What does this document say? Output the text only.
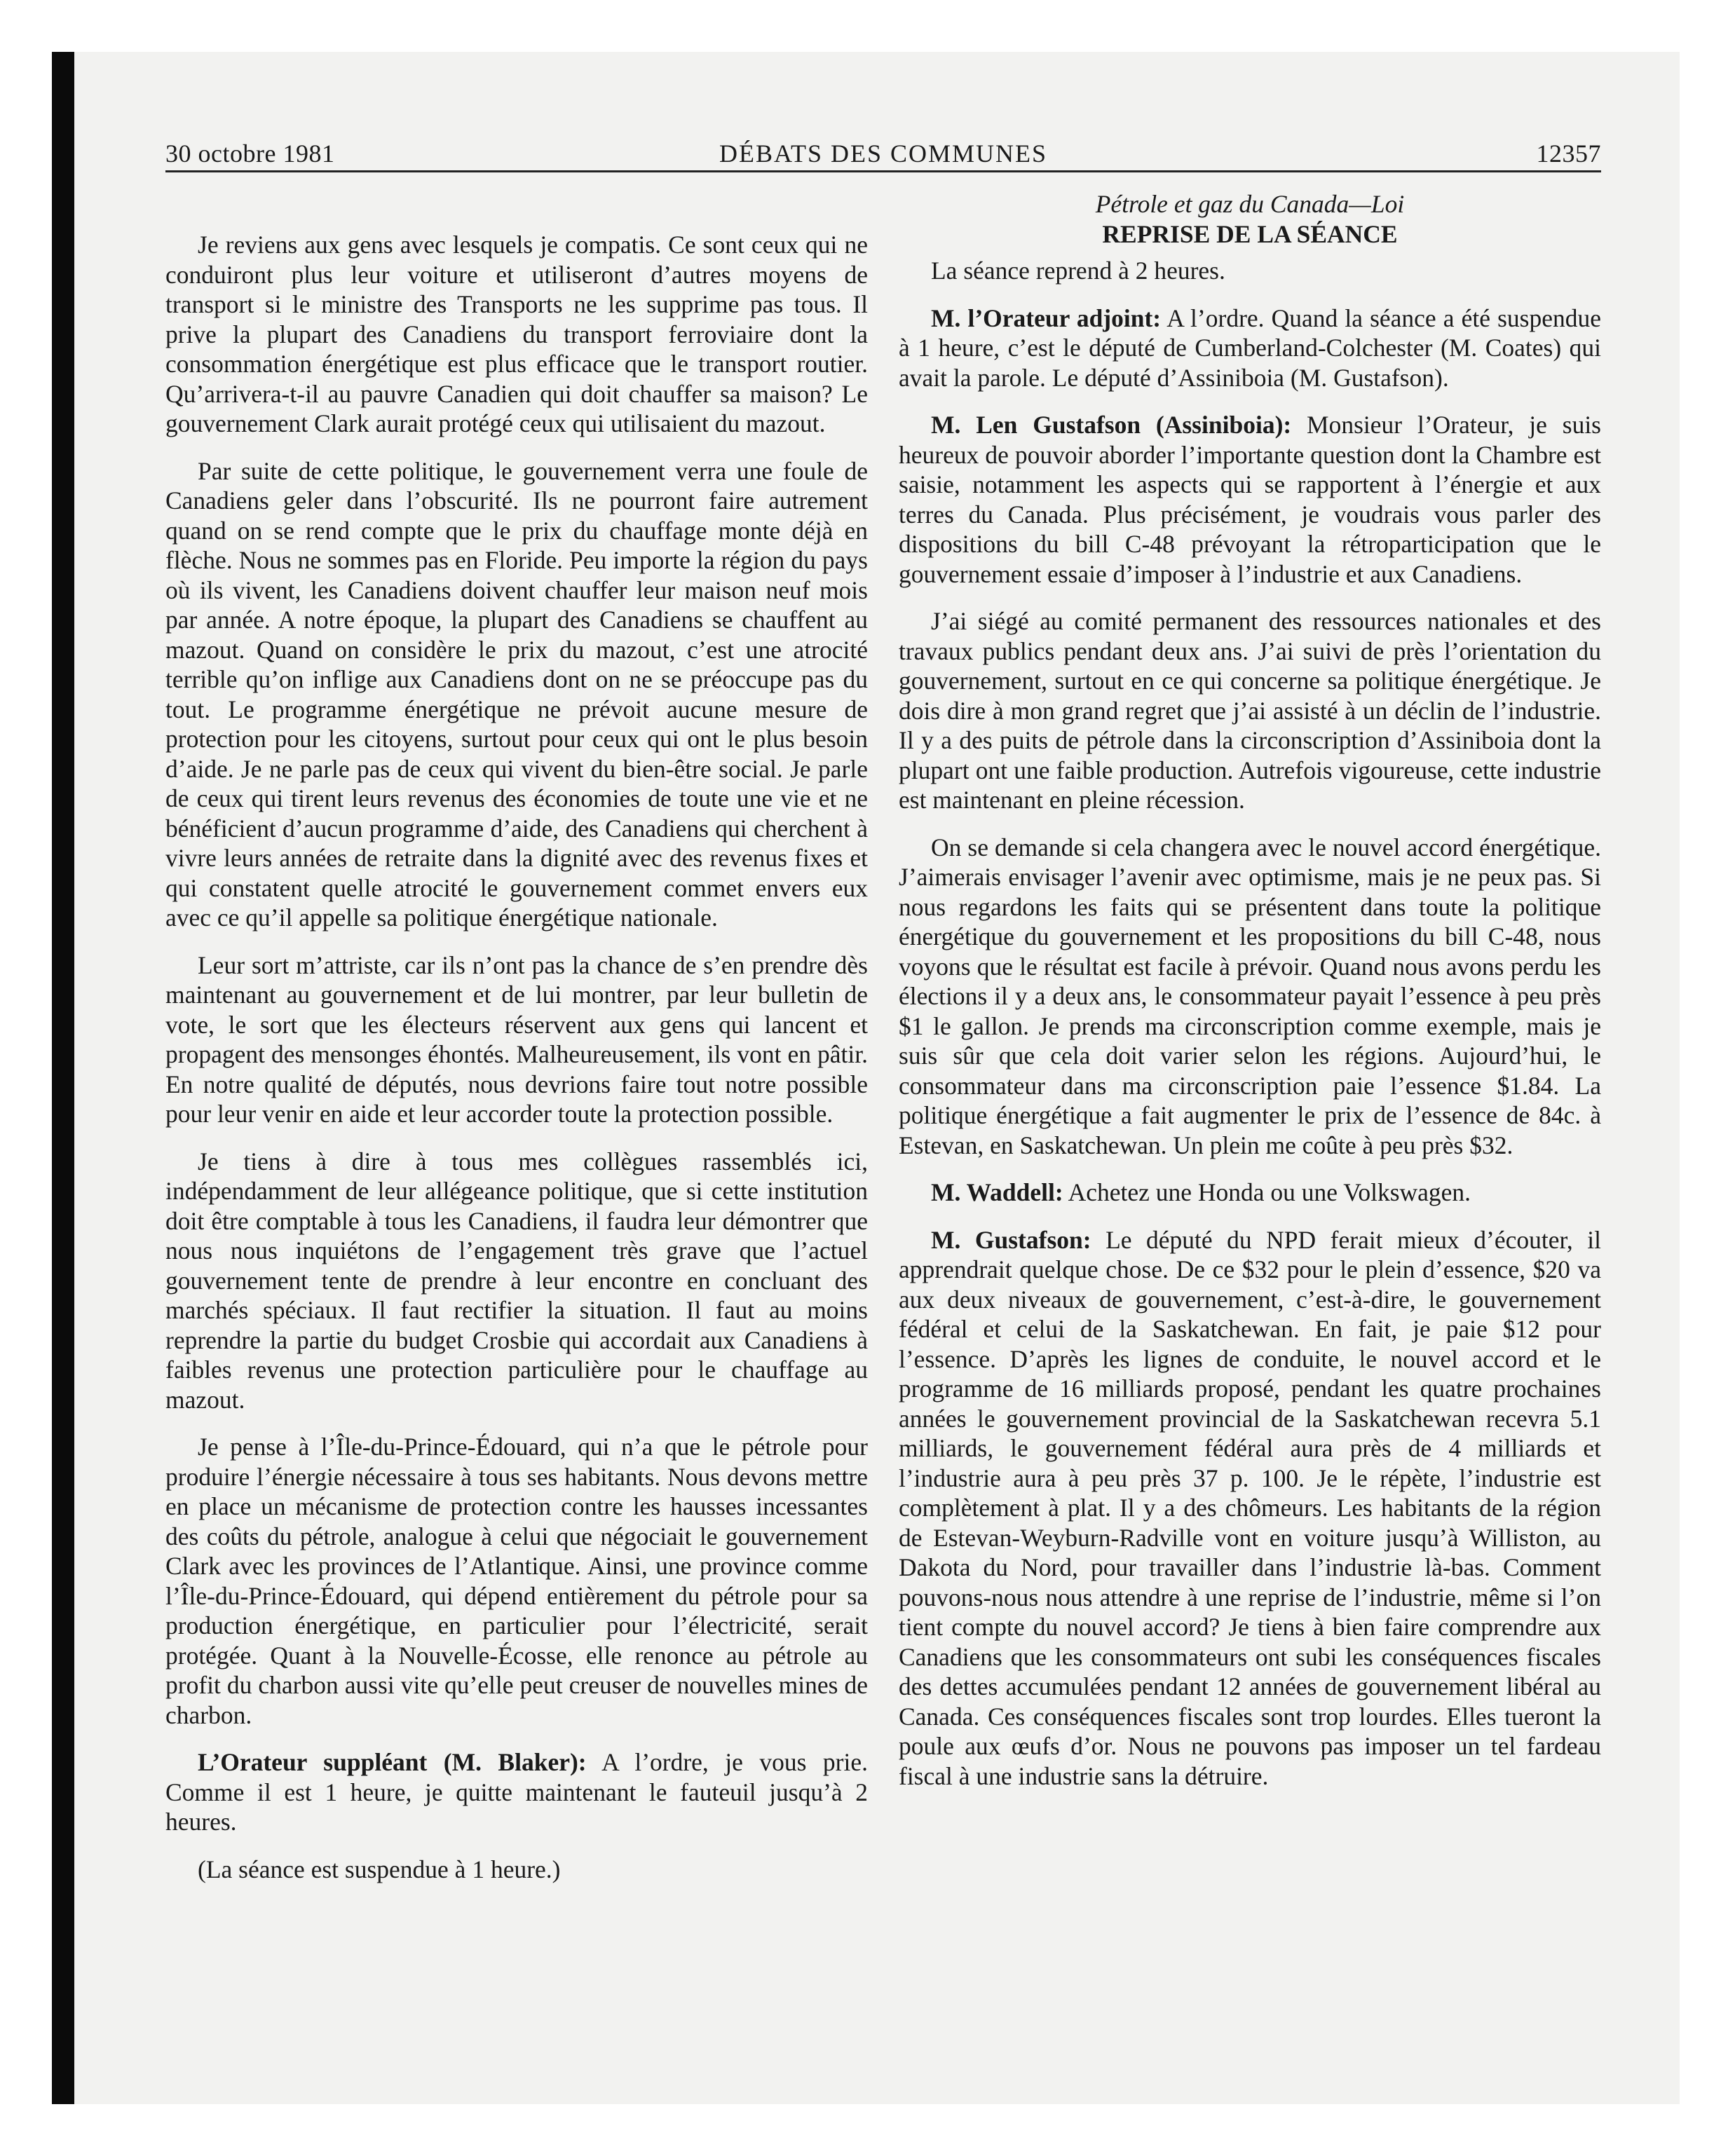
30 octobre 1981	DÉBATS DES COMMUNES	12357

Je reviens aux gens avec lesquels je compatis. Ce sont ceux qui ne conduiront plus leur voiture et utiliseront d’autres moyens de transport si le ministre des Transports ne les supprime pas tous. Il prive la plupart des Canadiens du transport ferroviaire dont la consommation énergétique est plus efficace que le transport routier. Qu’arrivera-t-il au pauvre Canadien qui doit chauffer sa maison? Le gouvernement Clark aurait protégé ceux qui utilisaient du mazout.

Par suite de cette politique, le gouvernement verra une foule de Canadiens geler dans l’obscurité. Ils ne pourront faire autrement quand on se rend compte que le prix du chauffage monte déjà en flèche. Nous ne sommes pas en Floride. Peu importe la région du pays où ils vivent, les Canadiens doivent chauffer leur maison neuf mois par année. A notre époque, la plupart des Canadiens se chauffent au mazout. Quand on considère le prix du mazout, c’est une atrocité terrible qu’on inflige aux Canadiens dont on ne se préoccupe pas du tout. Le programme énergétique ne prévoit aucune mesure de protection pour les citoyens, surtout pour ceux qui ont le plus besoin d’aide. Je ne parle pas de ceux qui vivent du bien-être social. Je parle de ceux qui tirent leurs revenus des économies de toute une vie et ne bénéficient d’aucun programme d’aide, des Canadiens qui cherchent à vivre leurs années de retraite dans la dignité avec des revenus fixes et qui constatent quelle atrocité le gouvernement commet envers eux avec ce qu’il appelle sa politique énergétique nationale.

Leur sort m’attriste, car ils n’ont pas la chance de s’en prendre dès maintenant au gouvernement et de lui montrer, par leur bulletin de vote, le sort que les électeurs réservent aux gens qui lancent et propagent des mensonges éhontés. Malheureusement, ils vont en pâtir. En notre qualité de députés, nous devrions faire tout notre possible pour leur venir en aide et leur accorder toute la protection possible.

Je tiens à dire à tous mes collègues rassemblés ici, indépendamment de leur allégeance politique, que si cette institution doit être comptable à tous les Canadiens, il faudra leur démontrer que nous nous inquiétons de l’engagement très grave que l’actuel gouvernement tente de prendre à leur encontre en concluant des marchés spéciaux. Il faut rectifier la situation. Il faut au moins reprendre la partie du budget Crosbie qui accordait aux Canadiens à faibles revenus une protection particulière pour le chauffage au mazout.

Je pense à l’Île-du-Prince-Édouard, qui n’a que le pétrole pour produire l’énergie nécessaire à tous ses habitants. Nous devons mettre en place un mécanisme de protection contre les hausses incessantes des coûts du pétrole, analogue à celui que négociait le gouvernement Clark avec les provinces de l’Atlantique. Ainsi, une province comme l’Île-du-Prince-Édouard, qui dépend entièrement du pétrole pour sa production énergétique, en particulier pour l’électricité, serait protégée. Quant à la Nouvelle-Écosse, elle renonce au pétrole au profit du charbon aussi vite qu’elle peut creuser de nouvelles mines de charbon.

L’Orateur suppléant (M. Blaker): A l’ordre, je vous prie. Comme il est 1 heure, je quitte maintenant le fauteuil jusqu’à 2 heures.

(La séance est suspendue à 1 heure.)

Pétrole et gaz du Canada—Loi
REPRISE DE LA SÉANCE

La séance reprend à 2 heures.

M. l’Orateur adjoint: A l’ordre. Quand la séance a été suspendue à 1 heure, c’est le député de Cumberland-Colchester (M. Coates) qui avait la parole. Le député d’Assiniboia (M. Gustafson).

M. Len Gustafson (Assiniboia): Monsieur l’Orateur, je suis heureux de pouvoir aborder l’importante question dont la Chambre est saisie, notamment les aspects qui se rapportent à l’énergie et aux terres du Canada. Plus précisément, je voudrais vous parler des dispositions du bill C-48 prévoyant la rétroparticipation que le gouvernement essaie d’imposer à l’industrie et aux Canadiens.

J’ai siégé au comité permanent des ressources nationales et des travaux publics pendant deux ans. J’ai suivi de près l’orientation du gouvernement, surtout en ce qui concerne sa politique énergétique. Je dois dire à mon grand regret que j’ai assisté à un déclin de l’industrie. Il y a des puits de pétrole dans la circonscription d’Assiniboia dont la plupart ont une faible production. Autrefois vigoureuse, cette industrie est maintenant en pleine récession.

On se demande si cela changera avec le nouvel accord énergétique. J’aimerais envisager l’avenir avec optimisme, mais je ne peux pas. Si nous regardons les faits qui se présentent dans toute la politique énergétique du gouvernement et les propositions du bill C-48, nous voyons que le résultat est facile à prévoir. Quand nous avons perdu les élections il y a deux ans, le consommateur payait l’essence à peu près $1 le gallon. Je prends ma circonscription comme exemple, mais je suis sûr que cela doit varier selon les régions. Aujourd’hui, le consommateur dans ma circonscription paie l’essence $1.84. La politique énergétique a fait augmenter le prix de l’essence de 84c. à Estevan, en Saskatchewan. Un plein me coûte à peu près $32.

M. Waddell: Achetez une Honda ou une Volkswagen.

M. Gustafson: Le député du NPD ferait mieux d’écouter, il apprendrait quelque chose. De ce $32 pour le plein d’essence, $20 va aux deux niveaux de gouvernement, c’est-à-dire, le gouvernement fédéral et celui de la Saskatchewan. En fait, je paie $12 pour l’essence. D’après les lignes de conduite, le nouvel accord et le programme de 16 milliards proposé, pendant les quatre prochaines années le gouvernement provincial de la Saskatchewan recevra 5.1 milliards, le gouvernement fédéral aura près de 4 milliards et l’industrie aura à peu près 37 p. 100. Je le répète, l’industrie est complètement à plat. Il y a des chômeurs. Les habitants de la région de Estevan-Weyburn-Radville vont en voiture jusqu’à Williston, au Dakota du Nord, pour travailler dans l’industrie là-bas. Comment pouvons-nous nous attendre à une reprise de l’industrie, même si l’on tient compte du nouvel accord? Je tiens à bien faire comprendre aux Canadiens que les consommateurs ont subi les conséquences fiscales des dettes accumulées pendant 12 années de gouvernement libéral au Canada. Ces conséquences fiscales sont trop lourdes. Elles tueront la poule aux œufs d’or. Nous ne pouvons pas imposer un tel fardeau fiscal à une industrie sans la détruire.
